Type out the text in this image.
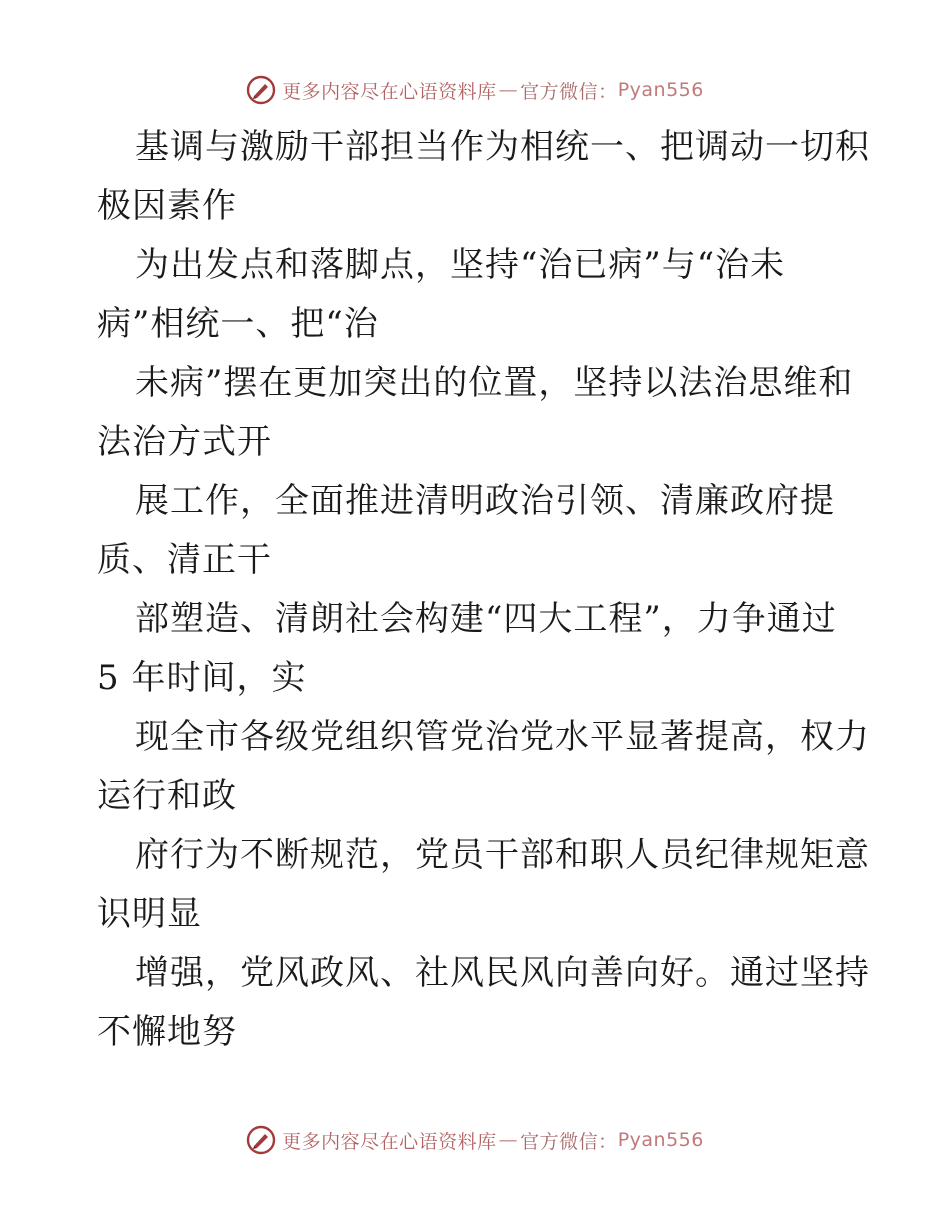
更多内容尽在心语资料库 — 官方微信： Pyan556
基调与激励干部担当作为相统一、把调动一切积
极因素作
为出发点和落脚点，坚持“治已病”与“治未
病”相统一、把“治
未病”摆在更加突出的位置，坚持以法治思维和
法治方式开
展工作，全面推进清明政治引领、清廉政府提
质、清正干
部塑造、清朗社会构建“四大工程”，力争通过
5 年时间，实
现全市各级党组织管党治党水平显著提高，权力
运行和政
府行为不断规范，党员干部和职人员纪律规矩意
识明显
增强，党风政风、社风民风向善向好。通过坚持
不懈地努
更多内容尽在心语资料库 — 官方微信： Pyan556
